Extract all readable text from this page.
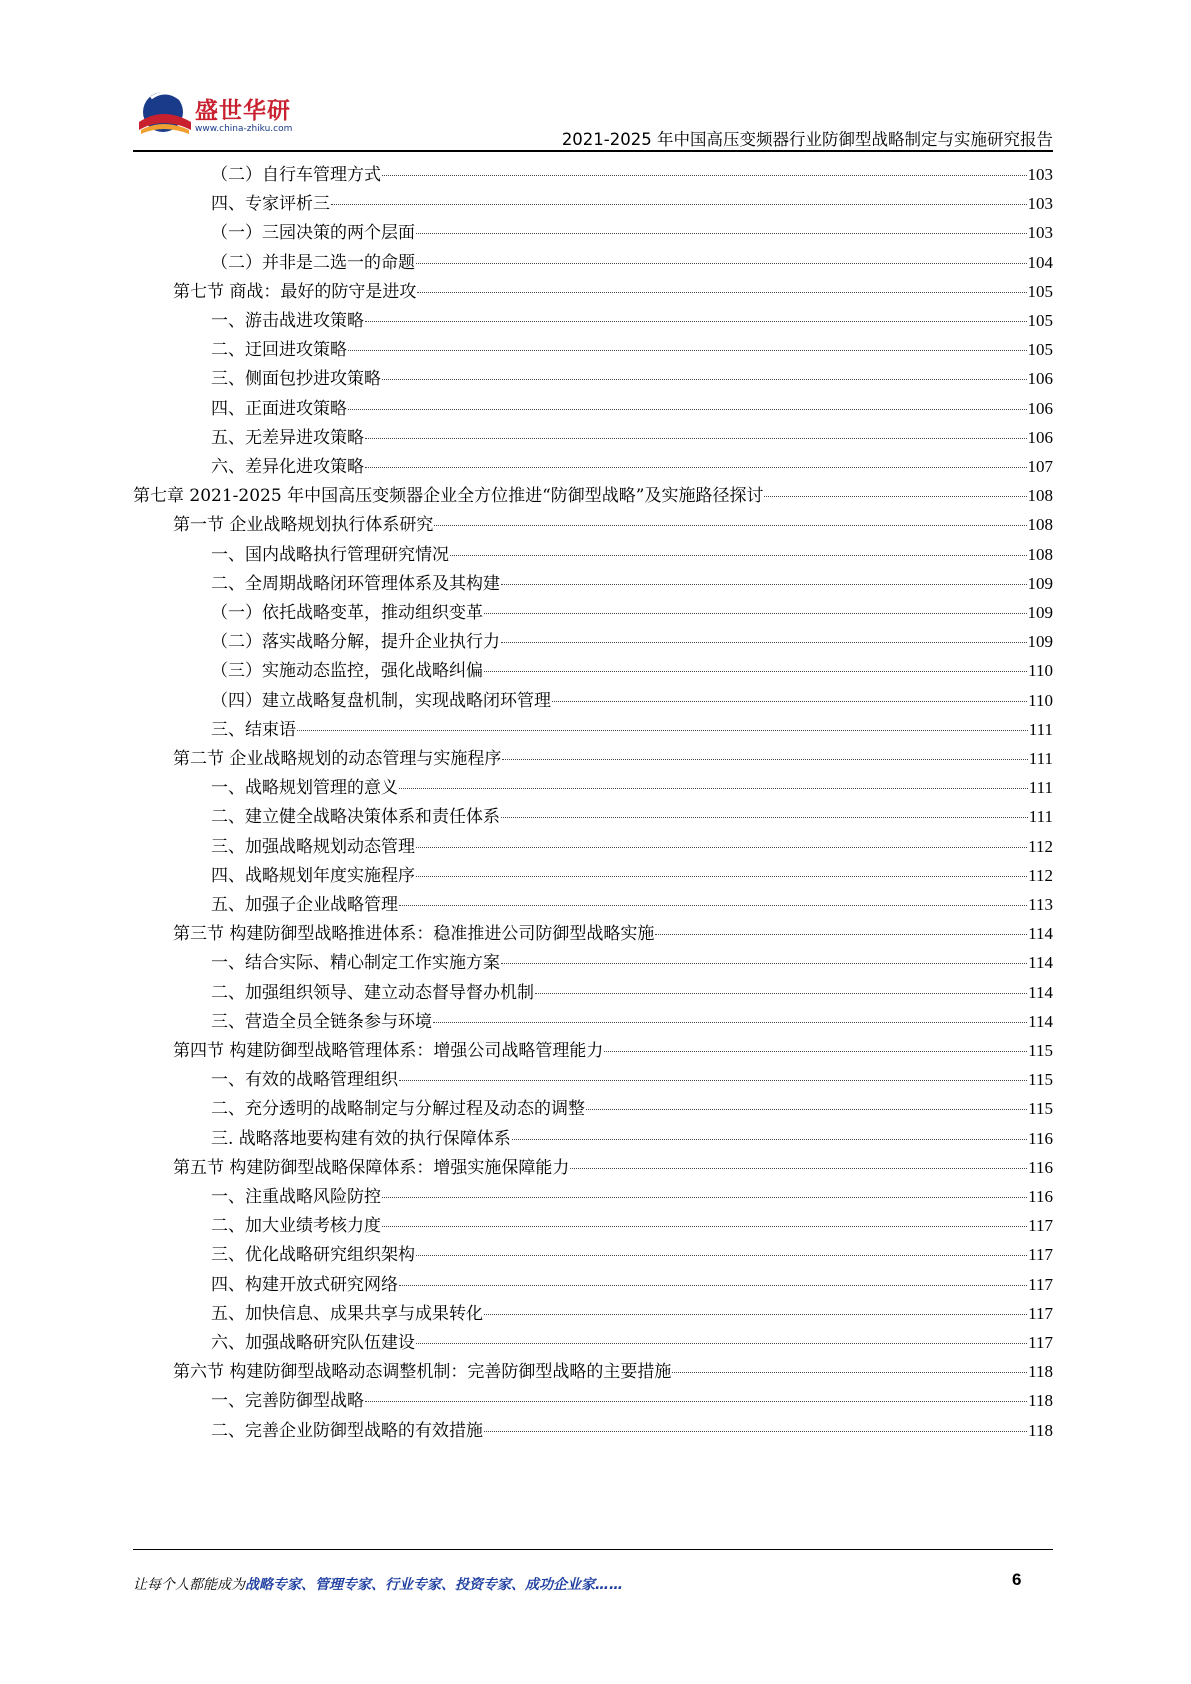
盛世华研
www.china-zhiku.com
2021-2025 年中国高压变频器行业防御型战略制定与实施研究报告
（二）自行车管理方式	103
四、专家评析三	103
（一）三园决策的两个层面	103
（二）并非是二选一的命题	104
第七节 商战：最好的防守是进攻	105
一、游击战进攻策略	105
二、迂回进攻策略	105
三、侧面包抄进攻策略	106
四、正面进攻策略	106
五、无差异进攻策略	106
六、差异化进攻策略	107
第七章 2021-2025 年中国高压变频器企业全方位推进“防御型战略”及实施路径探讨	108
第一节 企业战略规划执行体系研究	108
一、国内战略执行管理研究情况	108
二、全周期战略闭环管理体系及其构建	109
（一）依托战略变革，推动组织变革	109
（二）落实战略分解，提升企业执行力	109
（三）实施动态监控，强化战略纠偏	110
（四）建立战略复盘机制，实现战略闭环管理	110
三、结束语	111
第二节 企业战略规划的动态管理与实施程序	111
一、战略规划管理的意义	111
二、建立健全战略决策体系和责任体系	111
三、加强战略规划动态管理	112
四、战略规划年度实施程序	112
五、加强子企业战略管理	113
第三节 构建防御型战略推进体系：稳准推进公司防御型战略实施	114
一、结合实际、精心制定工作实施方案	114
二、加强组织领导、建立动态督导督办机制	114
三、营造全员全链条参与环境	114
第四节 构建防御型战略管理体系：增强公司战略管理能力	115
一、有效的战略管理组织	115
二、充分透明的战略制定与分解过程及动态的调整	115
三. 战略落地要构建有效的执行保障体系	116
第五节 构建防御型战略保障体系：增强实施保障能力	116
一、注重战略风险防控	116
二、加大业绩考核力度	117
三、优化战略研究组织架构	117
四、构建开放式研究网络	117
五、加快信息、成果共享与成果转化	117
六、加强战略研究队伍建设	117
第六节 构建防御型战略动态调整机制：完善防御型战略的主要措施	118
一、完善防御型战略	118
二、完善企业防御型战略的有效措施	118
让每个人都能成为战略专家、管理专家、行业专家、投资专家、成功企业家……	6
